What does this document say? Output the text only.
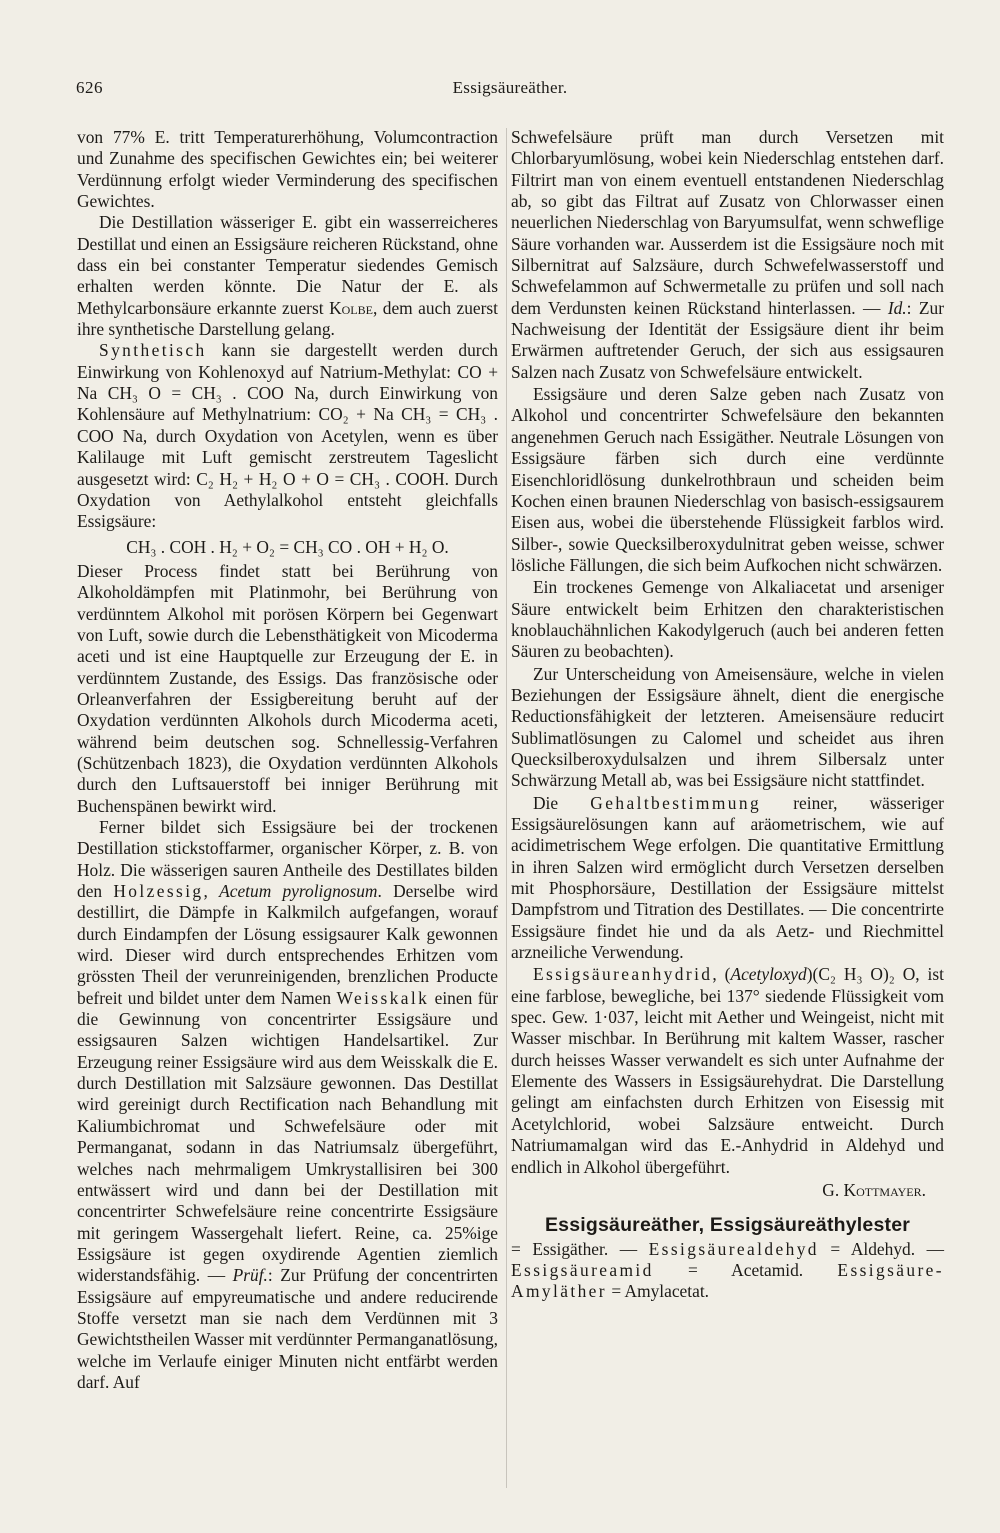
626	Essigsäureäther.

von 77% E. tritt Temperaturerhöhung, Volumcontraction und Zunahme des specifischen Gewichtes ein; bei weiterer Verdünnung erfolgt wieder Verminderung des specifischen Gewichtes.

Die Destillation wässeriger E. gibt ein wasserreicheres Destillat und einen an Essigsäure reicheren Rückstand, ohne dass ein bei constanter Temperatur siedendes Gemisch erhalten werden könnte. Die Natur der E. als Methylcarbonsäure erkannte zuerst Kolbe, dem auch zuerst ihre synthetische Darstellung gelang.

Synthetisch kann sie dargestellt werden durch Einwirkung von Kohlenoxyd auf Natrium-Methylat: CO + Na CH₃ O = CH₃ . COO Na, durch Einwirkung von Kohlensäure auf Methylnatrium: CO₂ + Na CH₃ = CH₃ . COO Na, durch Oxydation von Acetylen, wenn es über Kalilauge mit Luft gemischt zerstreutem Tageslicht ausgesetzt wird: C₂ H₂ + H₂ O + O = CH₃ . COOH. Durch Oxydation von Aethylalkohol entsteht gleichfalls Essigsäure:

CH₃ . COH . H₂ + O₂ = CH₃ CO . OH + H₂ O.

Dieser Process findet statt bei Berührung von Alkoholdämpfen mit Platinmohr, bei Berührung von verdünntem Alkohol mit porösen Körpern bei Gegenwart von Luft, sowie durch die Lebensthätigkeit von Micoderma aceti und ist eine Hauptquelle zur Erzeugung der E. in verdünntem Zustande, des Essigs. Das französische oder Orleanverfahren der Essigbereitung beruht auf der Oxydation verdünnten Alkohols durch Micoderma aceti, während beim deutschen sog. Schnellessig-Verfahren (Schützenbach 1823), die Oxydation verdünnten Alkohols durch den Luftsauerstoff bei inniger Berührung mit Buchenspänen bewirkt wird.

Ferner bildet sich Essigsäure bei der trockenen Destillation stickstoffarmer, organischer Körper, z. B. von Holz. Die wässerigen sauren Antheile des Destillates bilden den Holzessig, Acetum pyrolignosum. Derselbe wird destillirt, die Dämpfe in Kalkmilch aufgefangen, worauf durch Eindampfen der Lösung essigsaurer Kalk gewonnen wird. Dieser wird durch entsprechendes Erhitzen vom grössten Theil der verunreinigenden, brenzlichen Producte befreit und bildet unter dem Namen Weisskalk einen für die Gewinnung von concentrirter Essigsäure und essigsauren Salzen wichtigen Handelsartikel. Zur Erzeugung reiner Essigsäure wird aus dem Weisskalk die E. durch Destillation mit Salzsäure gewonnen. Das Destillat wird gereinigt durch Rectification nach Behandlung mit Kaliumbichromat und Schwefelsäure oder mit Permanganat, sodann in das Natriumsalz übergeführt, welches nach mehrmaligem Umkrystallisiren bei 300 entwässert wird und dann bei der Destillation mit concentrirter Schwefelsäure reine concentrirte Essigsäure mit geringem Wassergehalt liefert. Reine, ca. 25%ige Essigsäure ist gegen oxydirende Agentien ziemlich widerstandsfähig. — Prüf.: Zur Prüfung der concentrirten Essigsäure auf empyreumatische und andere reducirende Stoffe versetzt man sie nach dem Verdünnen mit 3 Gewichtstheilen Wasser mit verdünnter Permanganatlösung, welche im Verlaufe einiger Minuten nicht entfärbt werden darf. Auf

Schwefelsäure prüft man durch Versetzen mit Chlorbaryumlösung, wobei kein Niederschlag entstehen darf. Filtrirt man von einem eventuell entstandenen Niederschlag ab, so gibt das Filtrat auf Zusatz von Chlorwasser einen neuerlichen Niederschlag von Baryumsulfat, wenn schweflige Säure vorhanden war. Ausserdem ist die Essigsäure noch mit Silbernitrat auf Salzsäure, durch Schwefelwasserstoff und Schwefelammon auf Schwermetalle zu prüfen und soll nach dem Verdunsten keinen Rückstand hinterlassen. — Id.: Zur Nachweisung der Identität der Essigsäure dient ihr beim Erwärmen auftretender Geruch, der sich aus essigsauren Salzen nach Zusatz von Schwefelsäure entwickelt.

Essigsäure und deren Salze geben nach Zusatz von Alkohol und concentrirter Schwefelsäure den bekannten angenehmen Geruch nach Essigäther. Neutrale Lösungen von Essigsäure färben sich durch eine verdünnte Eisenchloridlösung dunkelrothbraun und scheiden beim Kochen einen braunen Niederschlag von basisch-essigsaurem Eisen aus, wobei die überstehende Flüssigkeit farblos wird. Silber-, sowie Quecksilberoxydulnitrat geben weisse, schwer lösliche Fällungen, die sich beim Aufkochen nicht schwärzen.

Ein trockenes Gemenge von Alkaliacetat und arseniger Säure entwickelt beim Erhitzen den charakteristischen knoblauchähnlichen Kakodylgeruch (auch bei anderen fetten Säuren zu beobachten).

Zur Unterscheidung von Ameisensäure, welche in vielen Beziehungen der Essigsäure ähnelt, dient die energische Reductionsfähigkeit der letzteren. Ameisensäure reducirt Sublimatlösungen zu Calomel und scheidet aus ihren Quecksilberoxydulsalzen und ihrem Silbersalz unter Schwärzung Metall ab, was bei Essigsäure nicht stattfindet.

Die Gehaltbestimmung reiner, wässeriger Essigsäurelösungen kann auf aräometrischem, wie auf acidimetrischem Wege erfolgen. Die quantitative Ermittlung in ihren Salzen wird ermöglicht durch Versetzen derselben mit Phosphorsäure, Destillation der Essigsäure mittelst Dampfstrom und Titration des Destillates. — Die concentrirte Essigsäure findet hie und da als Aetz- und Riechmittel arzneiliche Verwendung.

Essigsäureanhydrid, (Acetyloxyd)(C₂ H₃ O)₂ O, ist eine farblose, bewegliche, bei 137° siedende Flüssigkeit vom spec. Gew. 1·037, leicht mit Aether und Weingeist, nicht mit Wasser mischbar. In Berührung mit kaltem Wasser, rascher durch heisses Wasser verwandelt es sich unter Aufnahme der Elemente des Wassers in Essigsäurehydrat. Die Darstellung gelingt am einfachsten durch Erhitzen von Eisessig mit Acetylchlorid, wobei Salzsäure entweicht. Durch Natriumamalgan wird das E.-Anhydrid in Aldehyd und endlich in Alkohol übergeführt.

G. Kottmayer.

Essigsäureäther, Essigsäureäthylester

= Essigäther. — Essigsäurealdehyd = Aldehyd. — Essigsäureamid = Acetamid. Essigsäure-Amyläther = Amylacetat.
